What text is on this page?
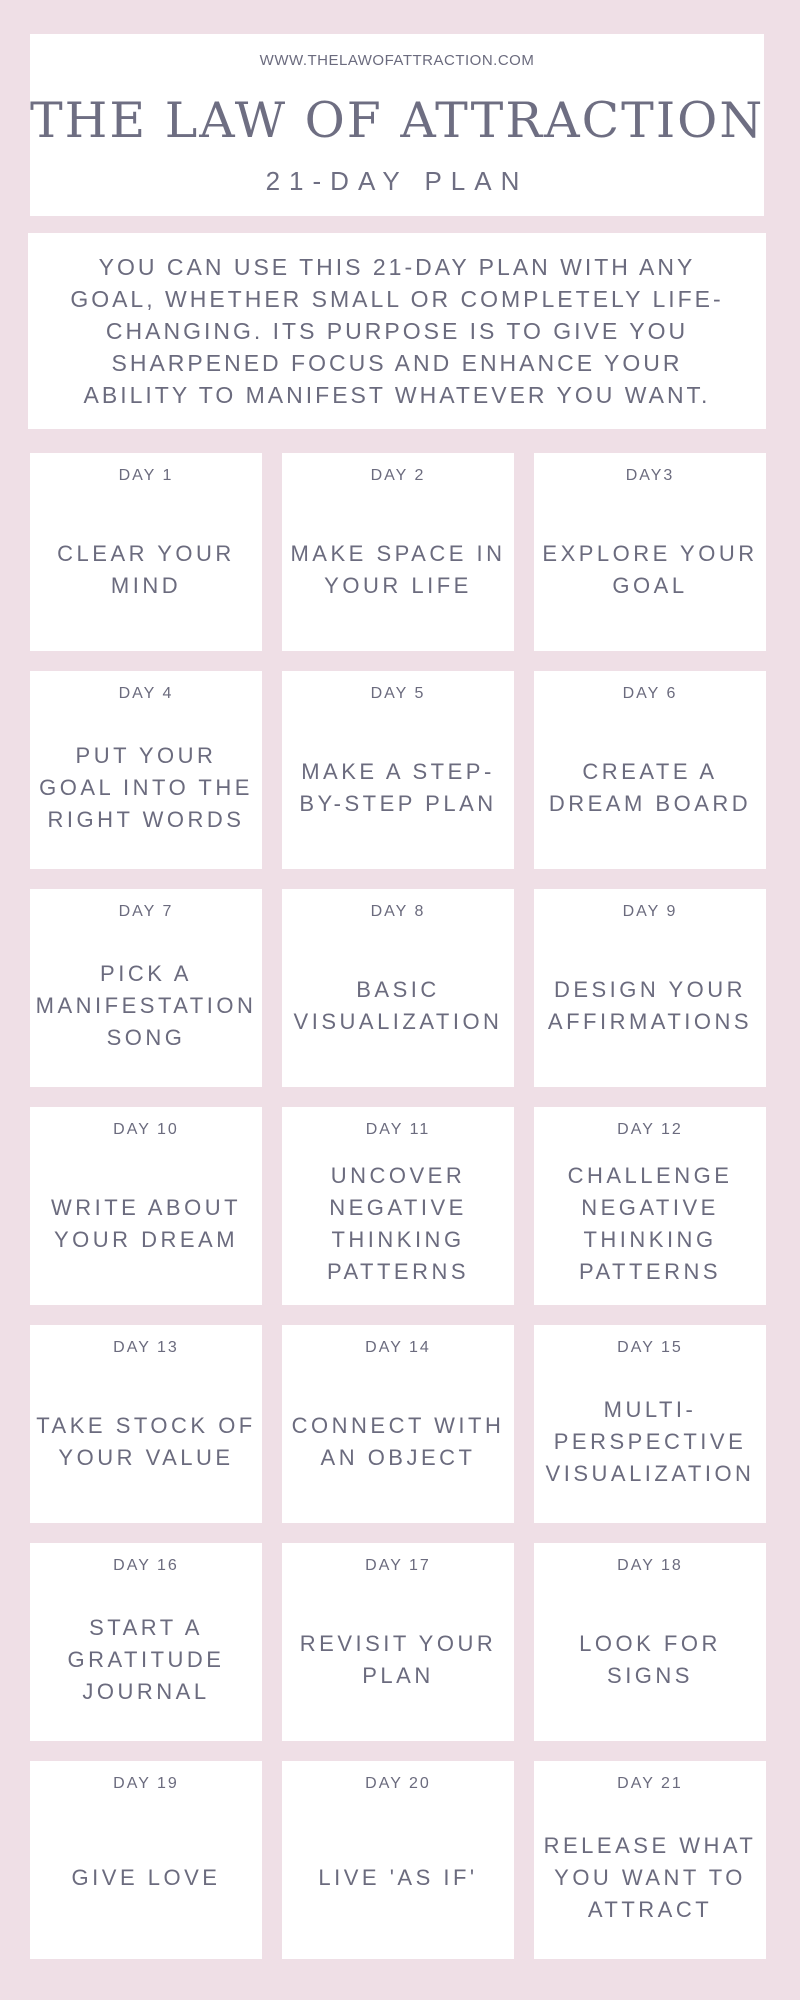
WWW.THELAWOFATTRACTION.COM
THE LAW OF ATTRACTION
21-DAY PLAN

YOU CAN USE THIS 21-DAY PLAN WITH ANY GOAL, WHETHER SMALL OR COMPLETELY LIFE-CHANGING. ITS PURPOSE IS TO GIVE YOU SHARPENED FOCUS AND ENHANCE YOUR ABILITY TO MANIFEST WHATEVER YOU WANT.

DAY 1

CLEAR YOUR MIND

DAY 2

MAKE SPACE IN YOUR LIFE

DAY3

EXPLORE YOUR GOAL

DAY 4

PUT YOUR GOAL INTO THE RIGHT WORDS

DAY 5

MAKE A STEP-BY-STEP PLAN

DAY 6

CREATE A DREAM BOARD

DAY 7

PICK A MANIFESTATION SONG

DAY 8

BASIC VISUALIZATION

DAY 9

DESIGN YOUR AFFIRMATIONS

DAY 10

WRITE ABOUT YOUR DREAM

DAY 11

UNCOVER NEGATIVE THINKING PATTERNS

DAY 12

CHALLENGE NEGATIVE THINKING PATTERNS

DAY 13

TAKE STOCK OF YOUR VALUE

DAY 14

CONNECT WITH AN OBJECT

DAY 15

MULTI-PERSPECTIVE VISUALIZATION

DAY 16

START A GRATITUDE JOURNAL

DAY 17

REVISIT YOUR PLAN

DAY 18

LOOK FOR SIGNS

DAY 19

GIVE LOVE

DAY 20

LIVE 'AS IF'

DAY 21

RELEASE WHAT YOU WANT TO ATTRACT
